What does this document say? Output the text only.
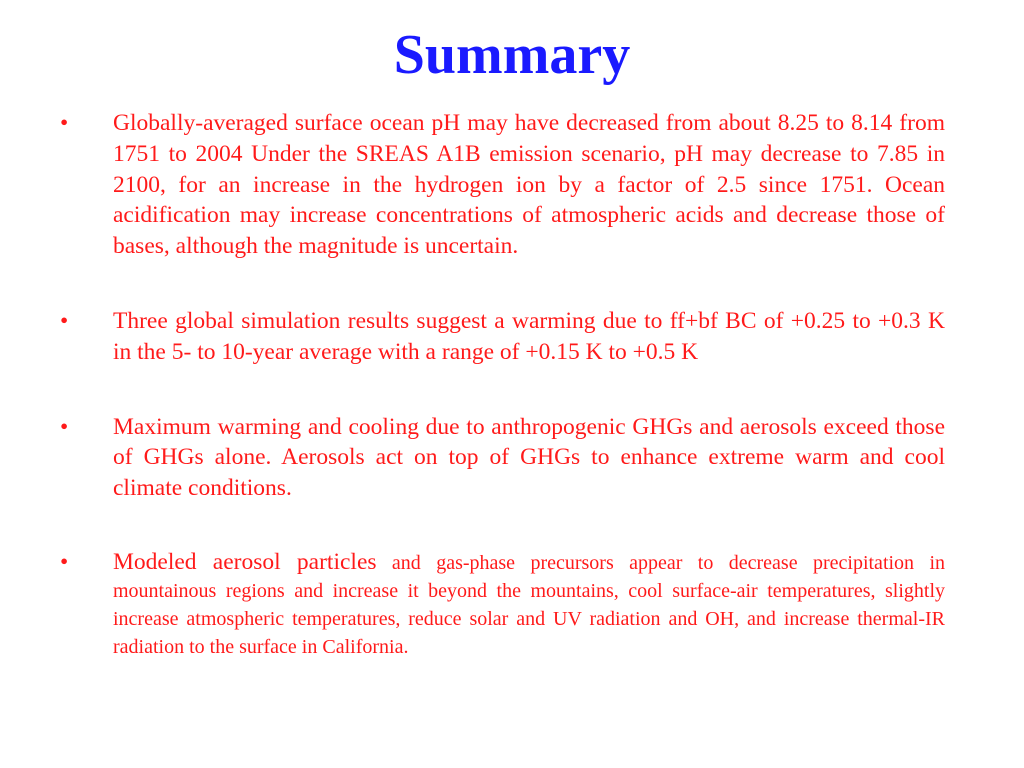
Summary
• Globally-averaged surface ocean pH may have decreased from about 8.25 to 8.14 from 1751 to 2004 Under the SREAS A1B emission scenario, pH may decrease to 7.85 in 2100, for an increase in the hydrogen ion by a factor of 2.5 since 1751. Ocean acidification may increase concentrations of atmospheric acids and decrease those of bases, although the magnitude is uncertain.
• Three global simulation results suggest a warming due to ff+bf BC of +0.25 to +0.3 K in the 5- to 10-year average with a range of +0.15 K to +0.5 K
• Maximum warming and cooling due to anthropogenic GHGs and aerosols exceed those of GHGs alone. Aerosols act on top of GHGs to enhance extreme warm and cool climate conditions.
• Modeled aerosol particles and gas-phase precursors appear to decrease precipitation in mountainous regions and increase it beyond the mountains, cool surface-air temperatures, slightly increase atmospheric temperatures, reduce solar and UV radiation and OH, and increase thermal-IR radiation to the surface in California.
